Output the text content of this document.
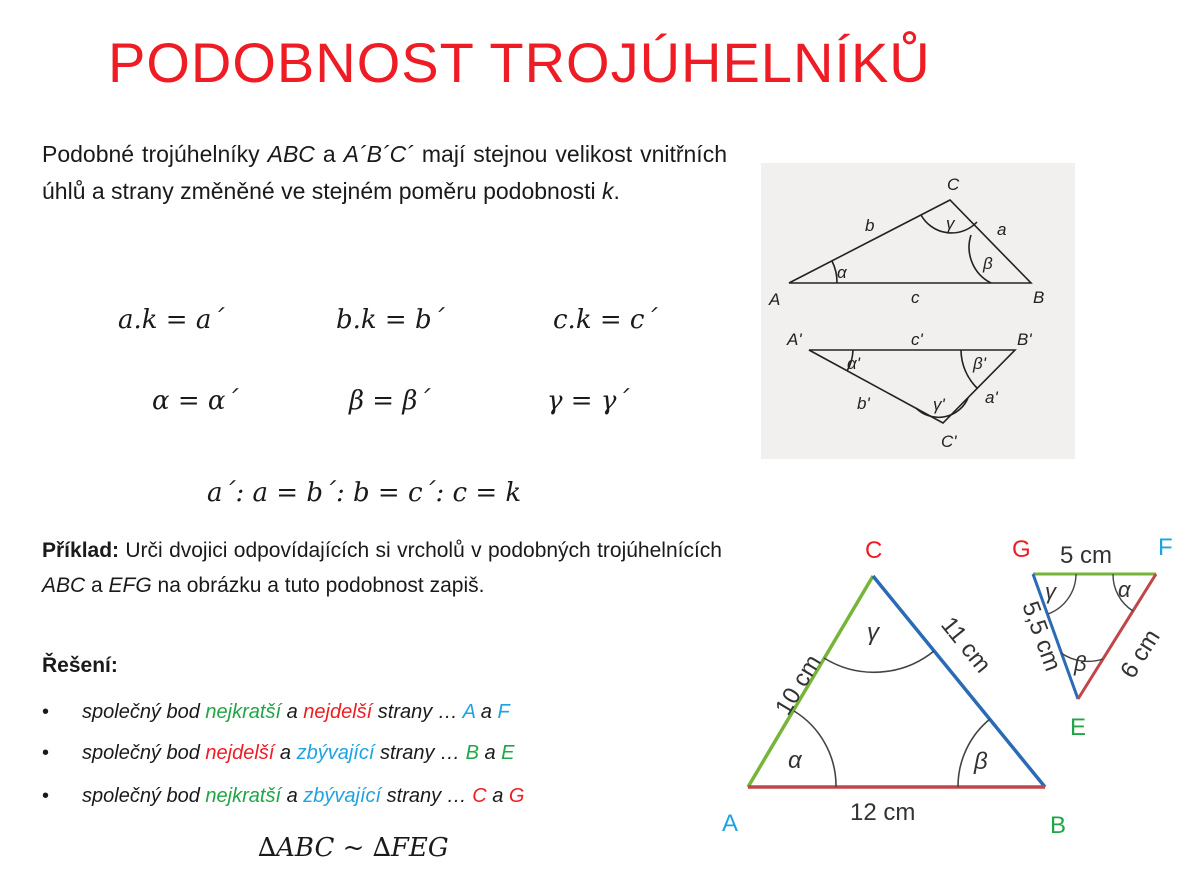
PODOBNOST TROJÚHELNÍKŮ
Podobné trojúhelníky ABC a A´B´C´ mají stejnou velikost vnitřních úhlů a strany změněné ve stejném poměru podobnosti k.
a.k = a´	b.k = b´	c.k = c´
α = α´	β = β´	γ = γ´
a´: a = b´: b = c´: c = k
C
A	B
b	a
c
α	β
γ
A'	B'
C'
c'
b'	a'
α'	β'
γ'
Příklad: Urči dvojici odpovídajících si vrcholů v podobných trojúhelnících ABC a EFG na obrázku a tuto podobnost zapiš.
Řešení:
• společný bod nejkratší a nejdelší strany … A a F
• společný bod nejdelší a zbývající strany … B a E
• společný bod nejkratší a zbývající strany … C a G
∆ABC ~ ∆FEG
A	B
C
12 cm
10 cm
11 cm
α	β
γ
G	F
E
5 cm
5,5 cm 6 cm
γ	α
β
